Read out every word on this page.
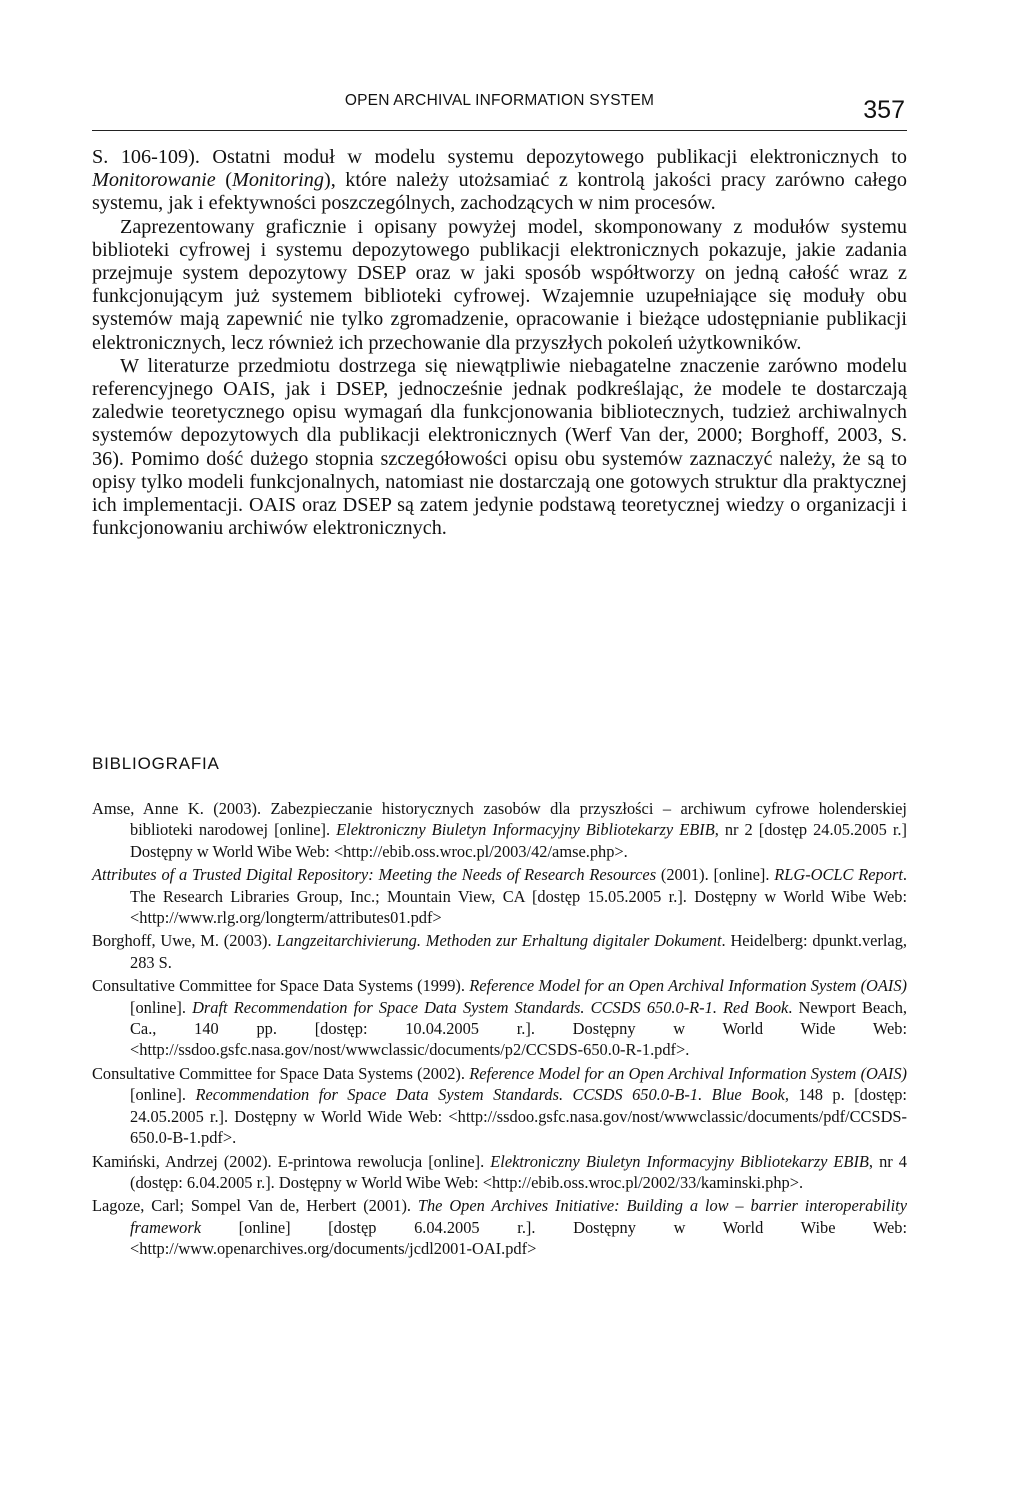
OPEN ARCHIVAL INFORMATION SYSTEM	357

S. 106-109). Ostatni moduł w modelu systemu depozytowego publikacji elektronicznych to Monitorowanie (Monitoring), które należy utożsamiać z kontrolą jakości pracy zarówno całego systemu, jak i efektywności poszczególnych, zachodzących w nim procesów.

Zaprezentowany graficznie i opisany powyżej model, skomponowany z modułów systemu biblioteki cyfrowej i systemu depozytowego publikacji elektronicznych pokazuje, jakie zadania przejmuje system depozytowy DSEP oraz w jaki sposób współtworzy on jedną całość wraz z funkcjonującym już systemem biblioteki cyfrowej. Wzajemnie uzupełniające się moduły obu systemów mają zapewnić nie tylko zgromadzenie, opracowanie i bieżące udostępnianie publikacji elektronicznych, lecz również ich przechowanie dla przyszłych pokoleń użytkowników.

W literaturze przedmiotu dostrzega się niewątpliwie niebagatelne znaczenie zarówno modelu referencyjnego OAIS, jak i DSEP, jednocześnie jednak podkreślając, że modele te dostarczają zaledwie teoretycznego opisu wymagań dla funkcjonowania bibliotecznych, tudzież archiwalnych systemów depozytowych dla publikacji elektronicznych (Werf Van der, 2000; Borghoff, 2003, S. 36). Pomimo dość dużego stopnia szczegółowości opisu obu systemów zaznaczyć należy, że są to opisy tylko modeli funkcjonalnych, natomiast nie dostarczają one gotowych struktur dla praktycznej ich implementacji. OAIS oraz DSEP są zatem jedynie podstawą teoretycznej wiedzy o organizacji i funkcjonowaniu archiwów elektronicznych.

BIBLIOGRAFIA
Amse, Anne K. (2003). Zabezpieczanie historycznych zasobów dla przyszłości – archiwum cyfrowe holenderskiej biblioteki narodowej [online]. Elektroniczny Biuletyn Informacyjny Bibliotekarzy EBIB, nr 2 [dostęp 24.05.2005 r.] Dostępny w World Wibe Web: <http://ebib.oss.wroc.pl/2003/42/amse.php>.
Attributes of a Trusted Digital Repository: Meeting the Needs of Research Resources (2001). [online]. RLG-OCLC Report. The Research Libraries Group, Inc.; Mountain View, CA [dostęp 15.05.2005 r.]. Dostępny w World Wibe Web: <http://www.rlg.org/longterm/attributes01.pdf>
Borghoff, Uwe, M. (2003). Langzeitarchivierung. Methoden zur Erhaltung digitaler Dokument. Heidelberg: dpunkt.verlag, 283 S.
Consultative Committee for Space Data Systems (1999). Reference Model for an Open Archival Information System (OAIS) [online]. Draft Recommendation for Space Data System Standards. CCSDS 650.0-R-1. Red Book. Newport Beach, Ca., 140 pp. [dostęp: 10.04.2005 r.]. Dostępny w World Wide Web: <http://ssdoo.gsfc.nasa.gov/nost/wwwclassic/documents/p2/CCSDS-650.0-R-1.pdf>.
Consultative Committee for Space Data Systems (2002). Reference Model for an Open Archival Information System (OAIS) [online]. Recommendation for Space Data System Standards. CCSDS 650.0-B-1. Blue Book, 148 p. [dostęp: 24.05.2005 r.]. Dostępny w World Wide Web: <http://ssdoo.gsfc.nasa.gov/nost/wwwclassic/documents/pdf/CCSDS-650.0-B-1.pdf>.
Kamiński, Andrzej (2002). E-printowa rewolucja [online]. Elektroniczny Biuletyn Informacyjny Bibliotekarzy EBIB, nr 4 (dostęp: 6.04.2005 r.]. Dostępny w World Wibe Web: <http://ebib.oss.wroc.pl/2002/33/kaminski.php>.
Lagoze, Carl; Sompel Van de, Herbert (2001). The Open Archives Initiative: Building a low – barrier interoperability framework [online] [dostęp 6.04.2005 r.]. Dostępny w World Wibe Web: <http://www.openarchives.org/documents/jcdl2001-OAI.pdf>
